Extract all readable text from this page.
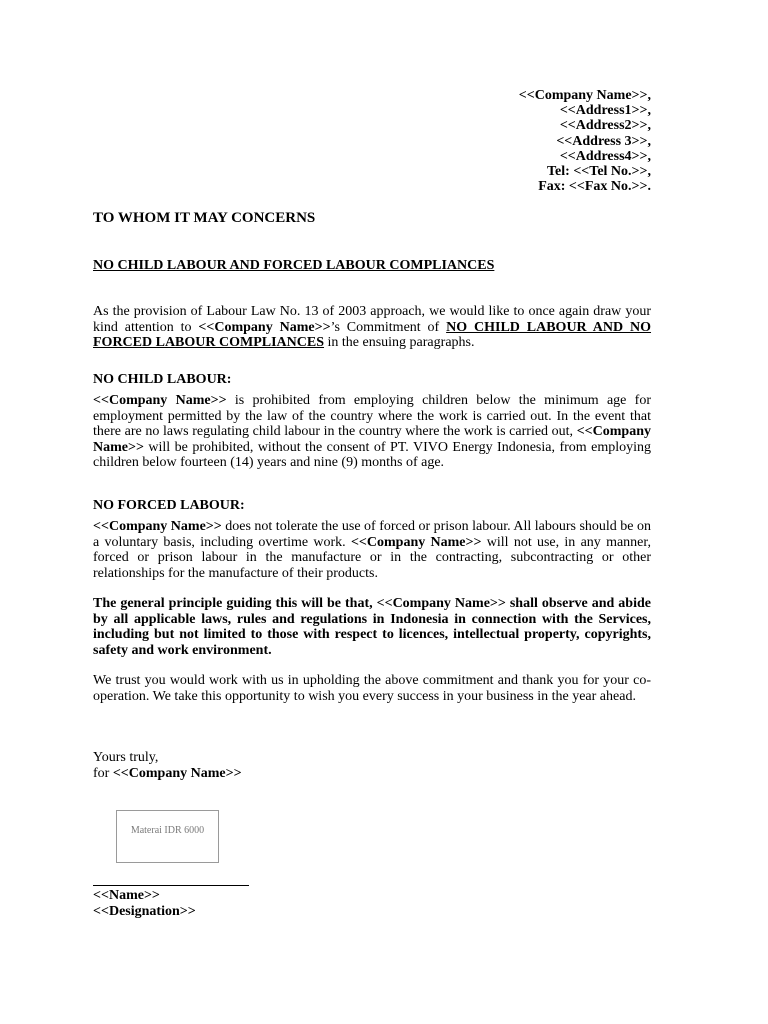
<<Company Name>>,
<<Address1>>,
<<Address2>>,
<<Address 3>>,
<<Address4>>,
Tel: <<Tel No.>>,
Fax: <<Fax No.>>.
TO WHOM IT MAY CONCERNS
NO CHILD LABOUR AND FORCED LABOUR COMPLIANCES

As the provision of Labour Law No. 13 of 2003 approach, we would like to once again draw your kind attention to <<Company Name>>’s Commitment of NO CHILD LABOUR AND NO FORCED LABOUR COMPLIANCES in the ensuing paragraphs.

NO CHILD LABOUR:

<<Company Name>> is prohibited from employing children below the minimum age for employment permitted by the law of the country where the work is carried out. In the event that there are no laws regulating child labour in the country where the work is carried out, <<Company Name>> will be prohibited, without the consent of PT. VIVO Energy Indonesia, from employing children below fourteen (14) years and nine (9) months of age.

NO FORCED LABOUR:

<<Company Name>> does not tolerate the use of forced or prison labour. All labours should be on a voluntary basis, including overtime work. <<Company Name>> will not use, in any manner, forced or prison labour in the manufacture or in the contracting, subcontracting or other relationships for the manufacture of their products.

The general principle guiding this will be that, <<Company Name>> shall observe and abide by all applicable laws, rules and regulations in Indonesia in connection with the Services, including but not limited to those with respect to licences, intellectual property, copyrights, safety and work environment.

We trust you would work with us in upholding the above commitment and thank you for your co-operation. We take this opportunity to wish you every success in your business in the year ahead.

Yours truly,
for <<Company Name>>
Materai IDR 6000
<<Name>>
<<Designation>>
